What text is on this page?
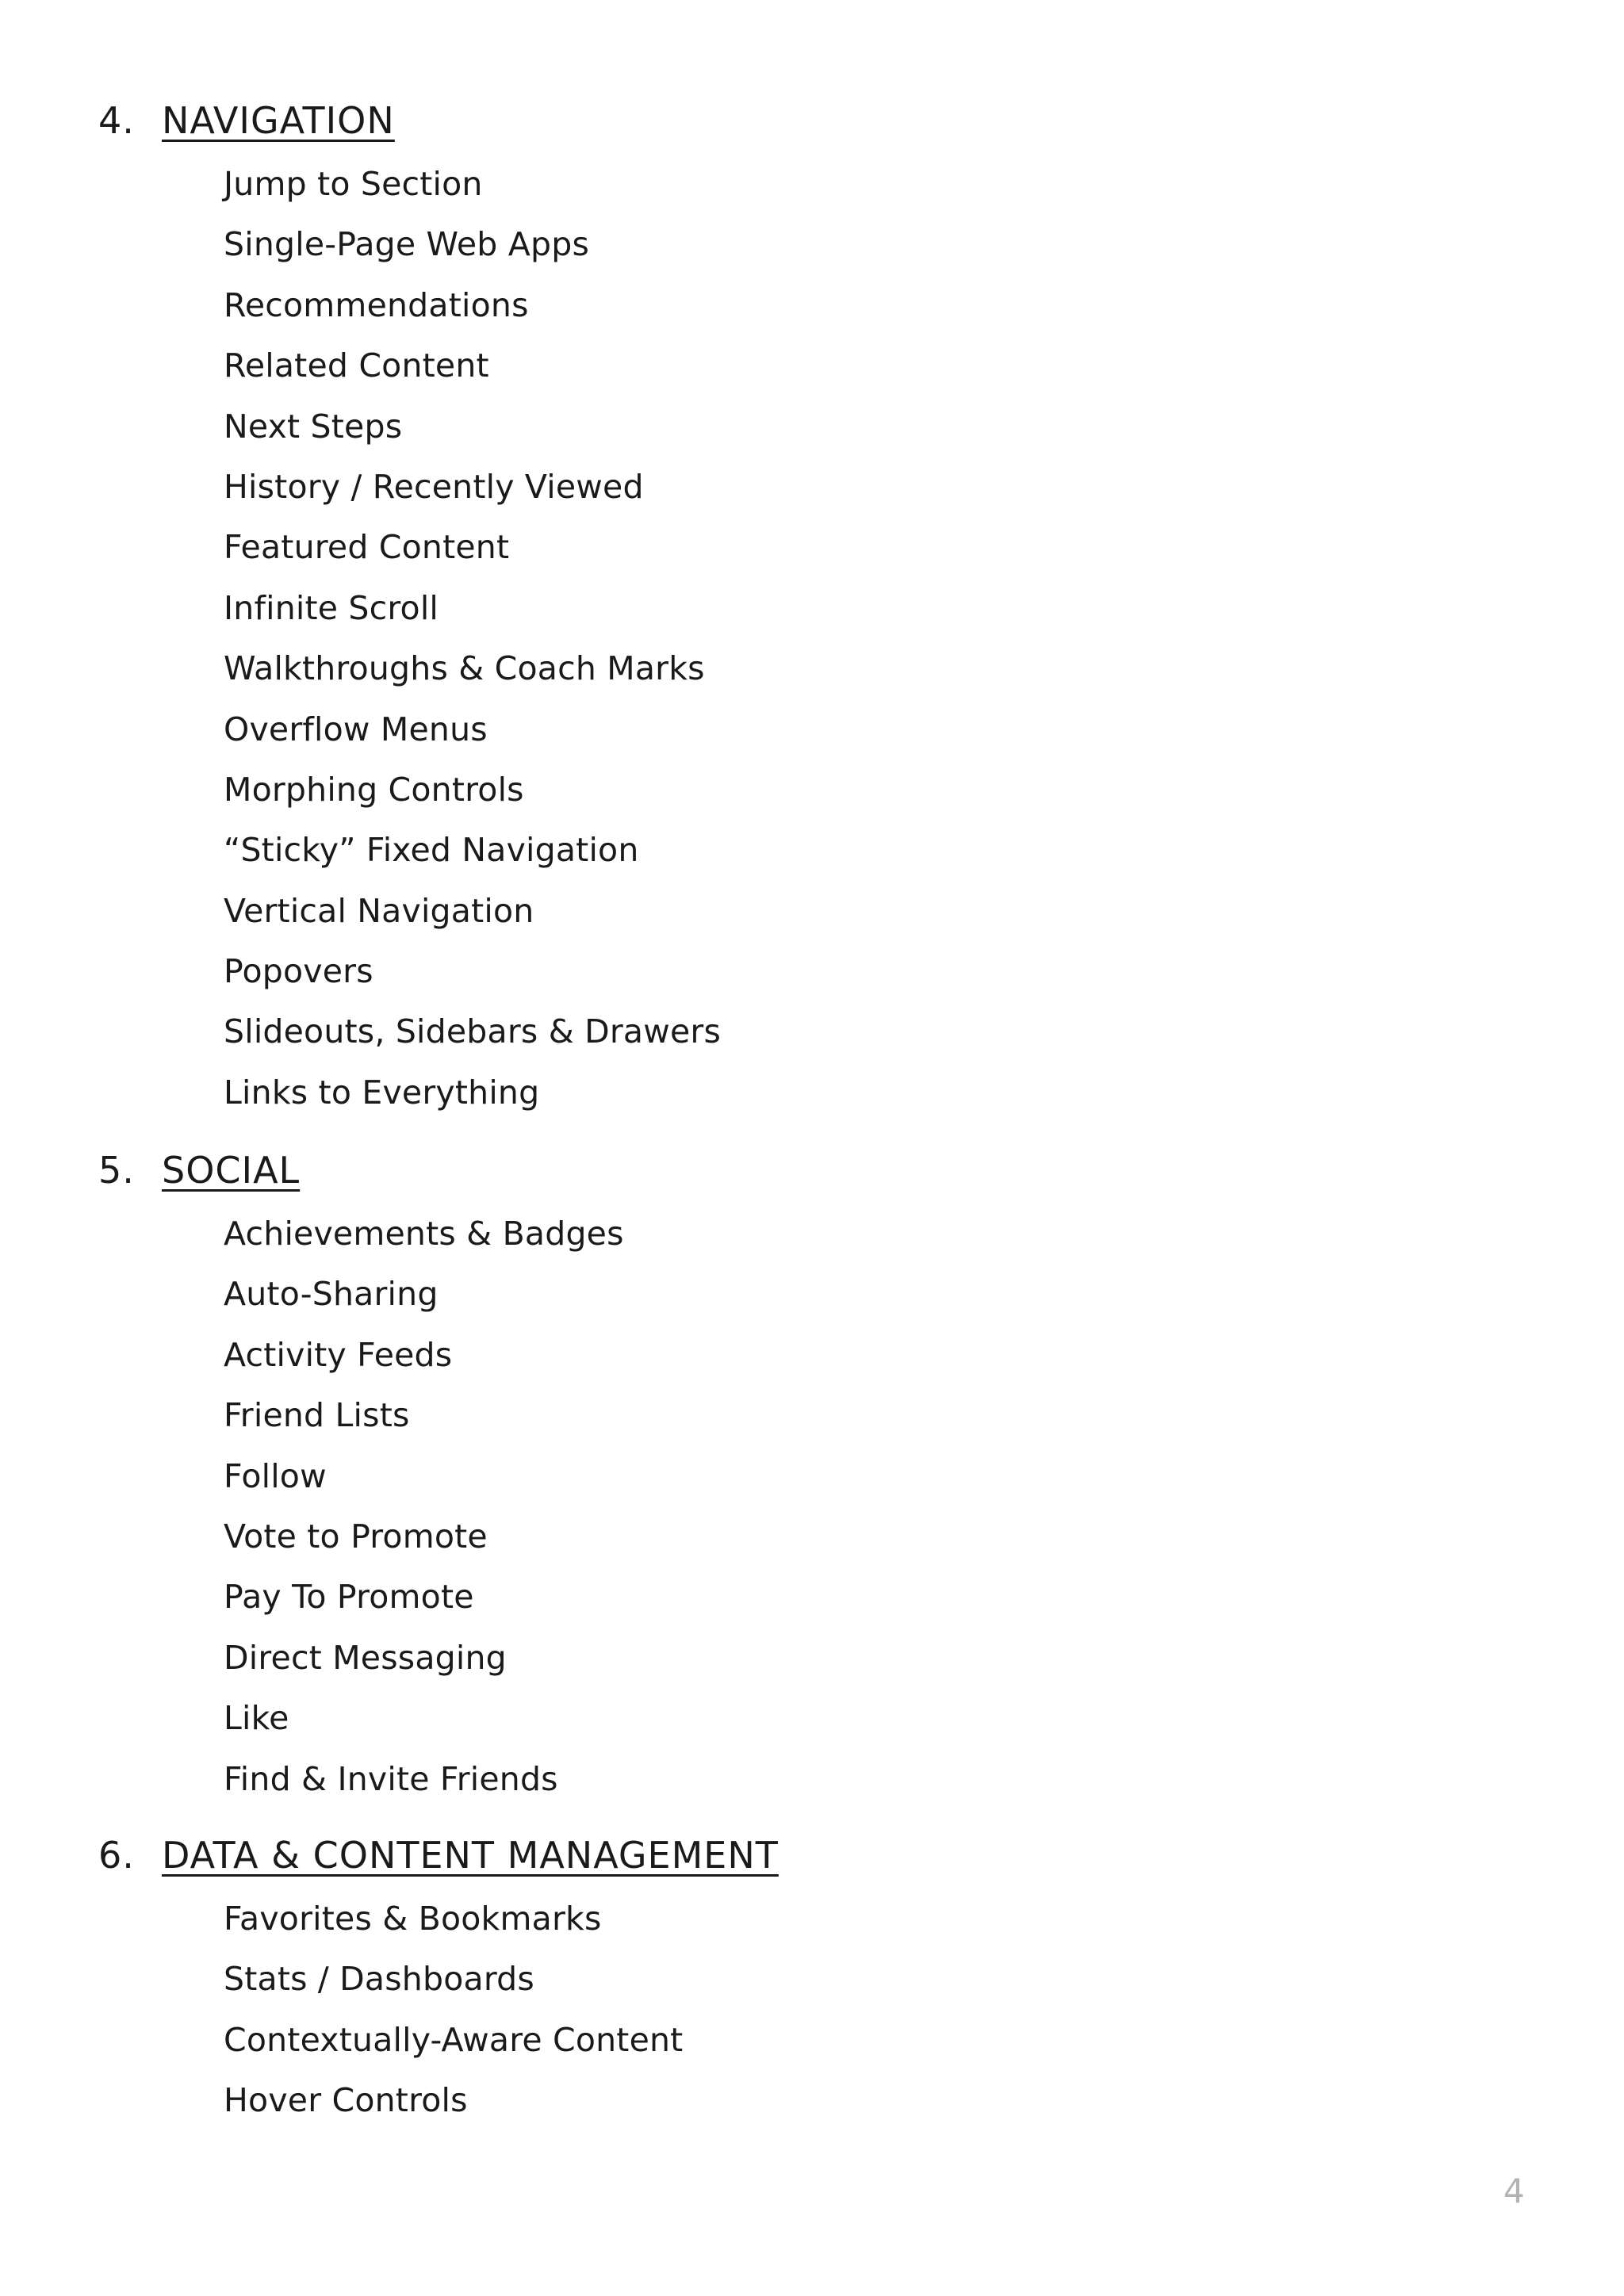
4. NAVIGATION
Jump to Section
Single-Page Web Apps
Recommendations
Related Content
Next Steps
History / Recently Viewed
Featured Content
Infinite Scroll
Walkthroughs & Coach Marks
Overflow Menus
Morphing Controls
“Sticky” Fixed Navigation
Vertical Navigation
Popovers
Slideouts, Sidebars & Drawers
Links to Everything
5. SOCIAL
Achievements & Badges
Auto-Sharing
Activity Feeds
Friend Lists
Follow
Vote to Promote
Pay To Promote
Direct Messaging
Like
Find & Invite Friends
6. DATA & CONTENT MANAGEMENT
Favorites & Bookmarks
Stats / Dashboards
Contextually-Aware Content
Hover Controls
4
